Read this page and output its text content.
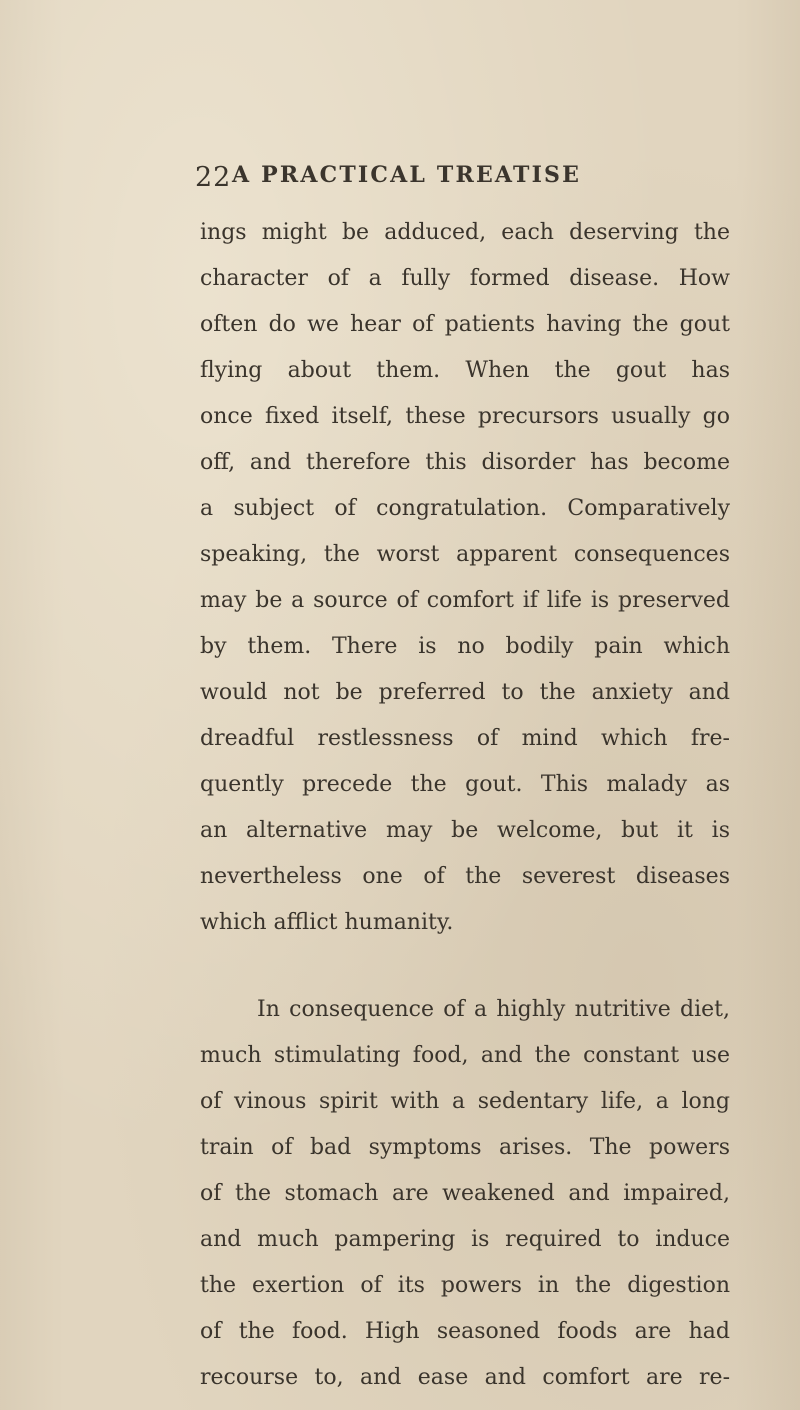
22 A PRACTICAL TREATISE
ings might be adduced, each deserving the
character of a fully formed disease. How
often do we hear of patients having the gout
flying about them. When the gout has
once fixed itself, these precursors usually go
off, and therefore this disorder has become
a subject of congratulation. Comparatively
speaking, the worst apparent consequences
may be a source of comfort if life is preserved
by them. There is no bodily pain which
would not be preferred to the anxiety and
dreadful restlessness of mind which fre-
quently precede the gout. This malady as
an alternative may be welcome, but it is
nevertheless one of the severest diseases
which afflict humanity.
In consequence of a highly nutritive diet,
much stimulating food, and the constant use
of vinous spirit with a sedentary life, a long
train of bad symptoms arises. The powers
of the stomach are weakened and impaired,
and much pampering is required to induce
the exertion of its powers in the digestion
of the food. High seasoned foods are had
recourse to, and ease and comfort are re-
